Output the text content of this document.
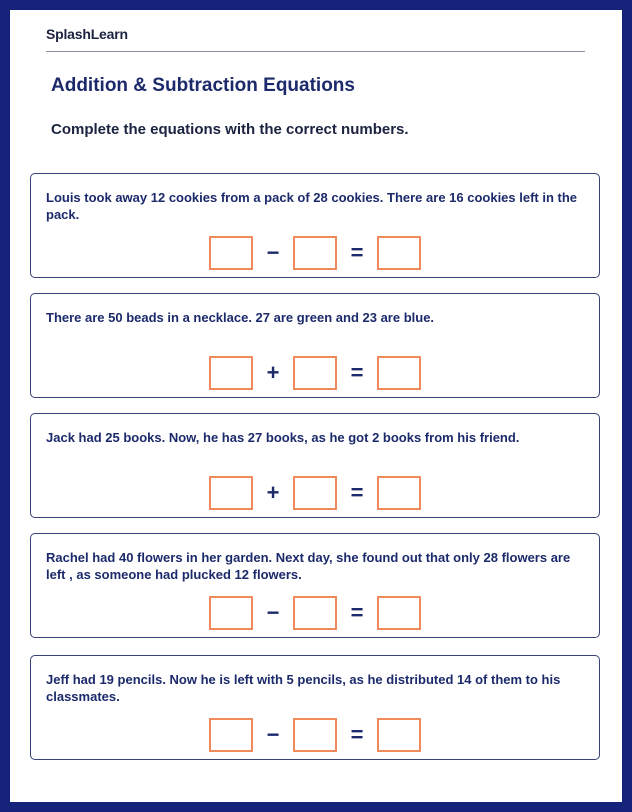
SplashLearn
Addition & Subtraction Equations
Complete the equations with the correct numbers.
Louis took away 12 cookies from a pack of 28 cookies. There are 16 cookies left in the pack.
−	=
There are 50 beads in a necklace. 27 are green and 23 are blue.
+	=
Jack had 25 books. Now, he has 27 books, as he got 2 books from his friend.
+	=
Rachel had 40 flowers in her garden. Next day, she found out that only 28 flowers are left , as someone had plucked 12 flowers.
−	=
Jeff had 19 pencils. Now he is left with 5 pencils, as he distributed 14 of them to his classmates.
−	=
